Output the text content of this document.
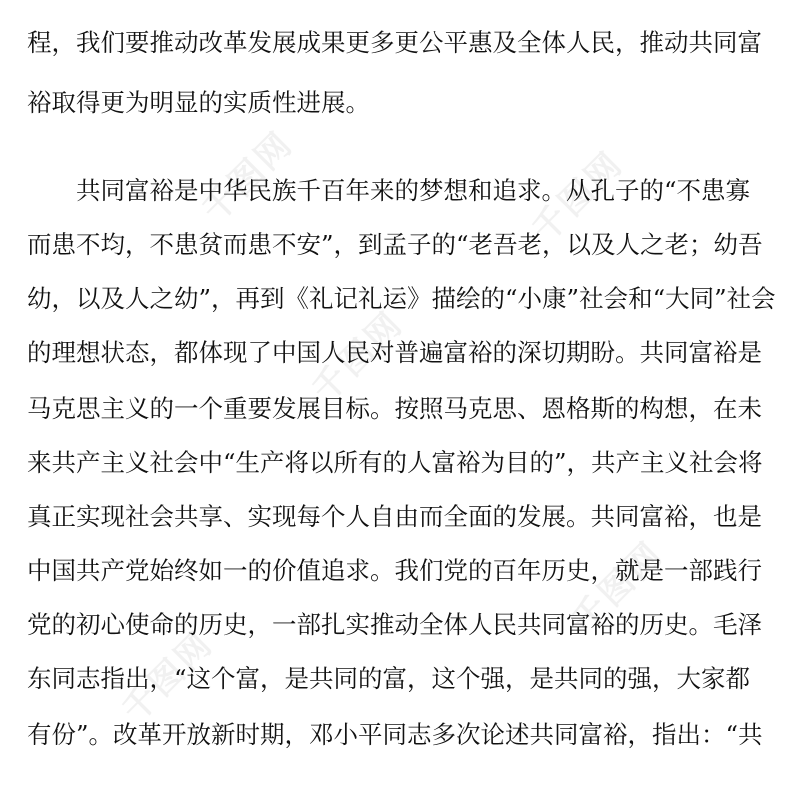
千图网	千图网
千图网
千图网
千图网
程，我们要推动改革发展成果更多更公平惠及全体人民，推动共同富
裕取得更为明显的实质性进展。
共同富裕是中华民族千百年来的梦想和追求。从孔子的“不患寡
而患不均，不患贫而患不安”，到孟子的“老吾老，以及人之老；幼吾
幼，以及人之幼”，再到《礼记礼运》描绘的“小康”社会和“大同”社会
的理想状态，都体现了中国人民对普遍富裕的深切期盼。共同富裕是
马克思主义的一个重要发展目标。按照马克思、恩格斯的构想，在未
来共产主义社会中“生产将以所有的人富裕为目的”，共产主义社会将
真正实现社会共享、实现每个人自由而全面的发展。共同富裕，也是
中国共产党始终如一的价值追求。我们党的百年历史，就是一部践行
党的初心使命的历史，一部扎实推动全体人民共同富裕的历史。毛泽
东同志指出，“这个富，是共同的富，这个强，是共同的强，大家都
有份”。改革开放新时期，邓小平同志多次论述共同富裕，指出：“共
